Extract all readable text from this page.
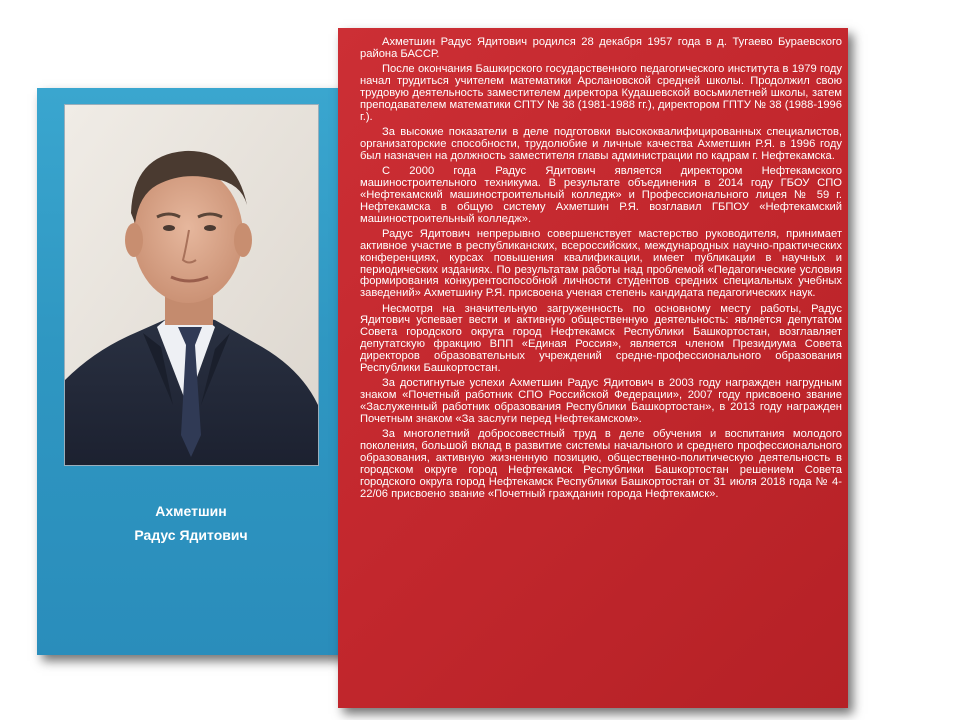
Ахметшин
Радус Ядитович

Ахметшин Радус Ядитович родился 28 декабря 1957 года в д. Тугаево Бураевского района БАССР.

После окончания Башкирского государственного педагогического института в 1979 году начал трудиться учителем математики Арслановской средней школы. Продолжил свою трудовую деятельность заместителем директора Кудашевской восьмилетней школы, затем преподавателем математики СПТУ № 38 (1981-1988 гг.), директором ГПТУ № 38 (1988-1996 г.).

За высокие показатели в деле подготовки высококвалифицированных специалистов, организаторские способности, трудолюбие и личные качества Ахметшин Р.Я. в 1996 году был назначен на должность заместителя главы администрации по кадрам г. Нефтекамска.

С 2000 года Радус Ядитович является директором Нефтекамского машиностроительного техникума. В результате объединения в 2014 году ГБОУ СПО «Нефтекамский машиностроительный колледж» и Профессионального лицея № 59 г. Нефтекамска в общую систему Ахметшин Р.Я. возглавил ГБПОУ «Нефтекамский машиностроительный колледж».

Радус Ядитович непрерывно совершенствует мастерство руководителя, принимает активное участие в республиканских, всероссийских, международных научно-практических конференциях, курсах повышения квалификации, имеет публикации в научных и периодических изданиях. По результатам работы над проблемой «Педагогические условия формирования конкурентоспособной личности студентов средних специальных учебных заведений» Ахметшину Р.Я. присвоена ученая степень кандидата педагогических наук.

Несмотря на значительную загруженность по основному месту работы, Радус Ядитович успевает вести и активную общественную деятельность: является депутатом Совета городского округа город Нефтекамск Республики Башкортостан, возглавляет депутатскую фракцию ВПП «Единая Россия», является членом Президиума Совета директоров образовательных учреждений средне-профессионального образования Республики Башкортостан.

За достигнутые успехи Ахметшин Радус Ядитович в 2003 году награжден нагрудным знаком «Почетный работник СПО Российской Федерации», 2007 году присвоено звание «Заслуженный работник образования Республики Башкортостан», в 2013 году награжден Почетным знаком «За заслуги перед Нефтекамском».

За многолетний добросовестный труд в деле обучения и воспитания молодого поколения, большой вклад в развитие системы начального и среднего профессионального образования, активную жизненную позицию, общественно-политическую деятельность в городском округе город Нефтекамск Республики Башкортостан решением Совета городского округа город Нефтекамск Республики Башкортостан от 31 июля 2018 года № 4-22/06 присвоено звание «Почетный гражданин города Нефтекамск».
